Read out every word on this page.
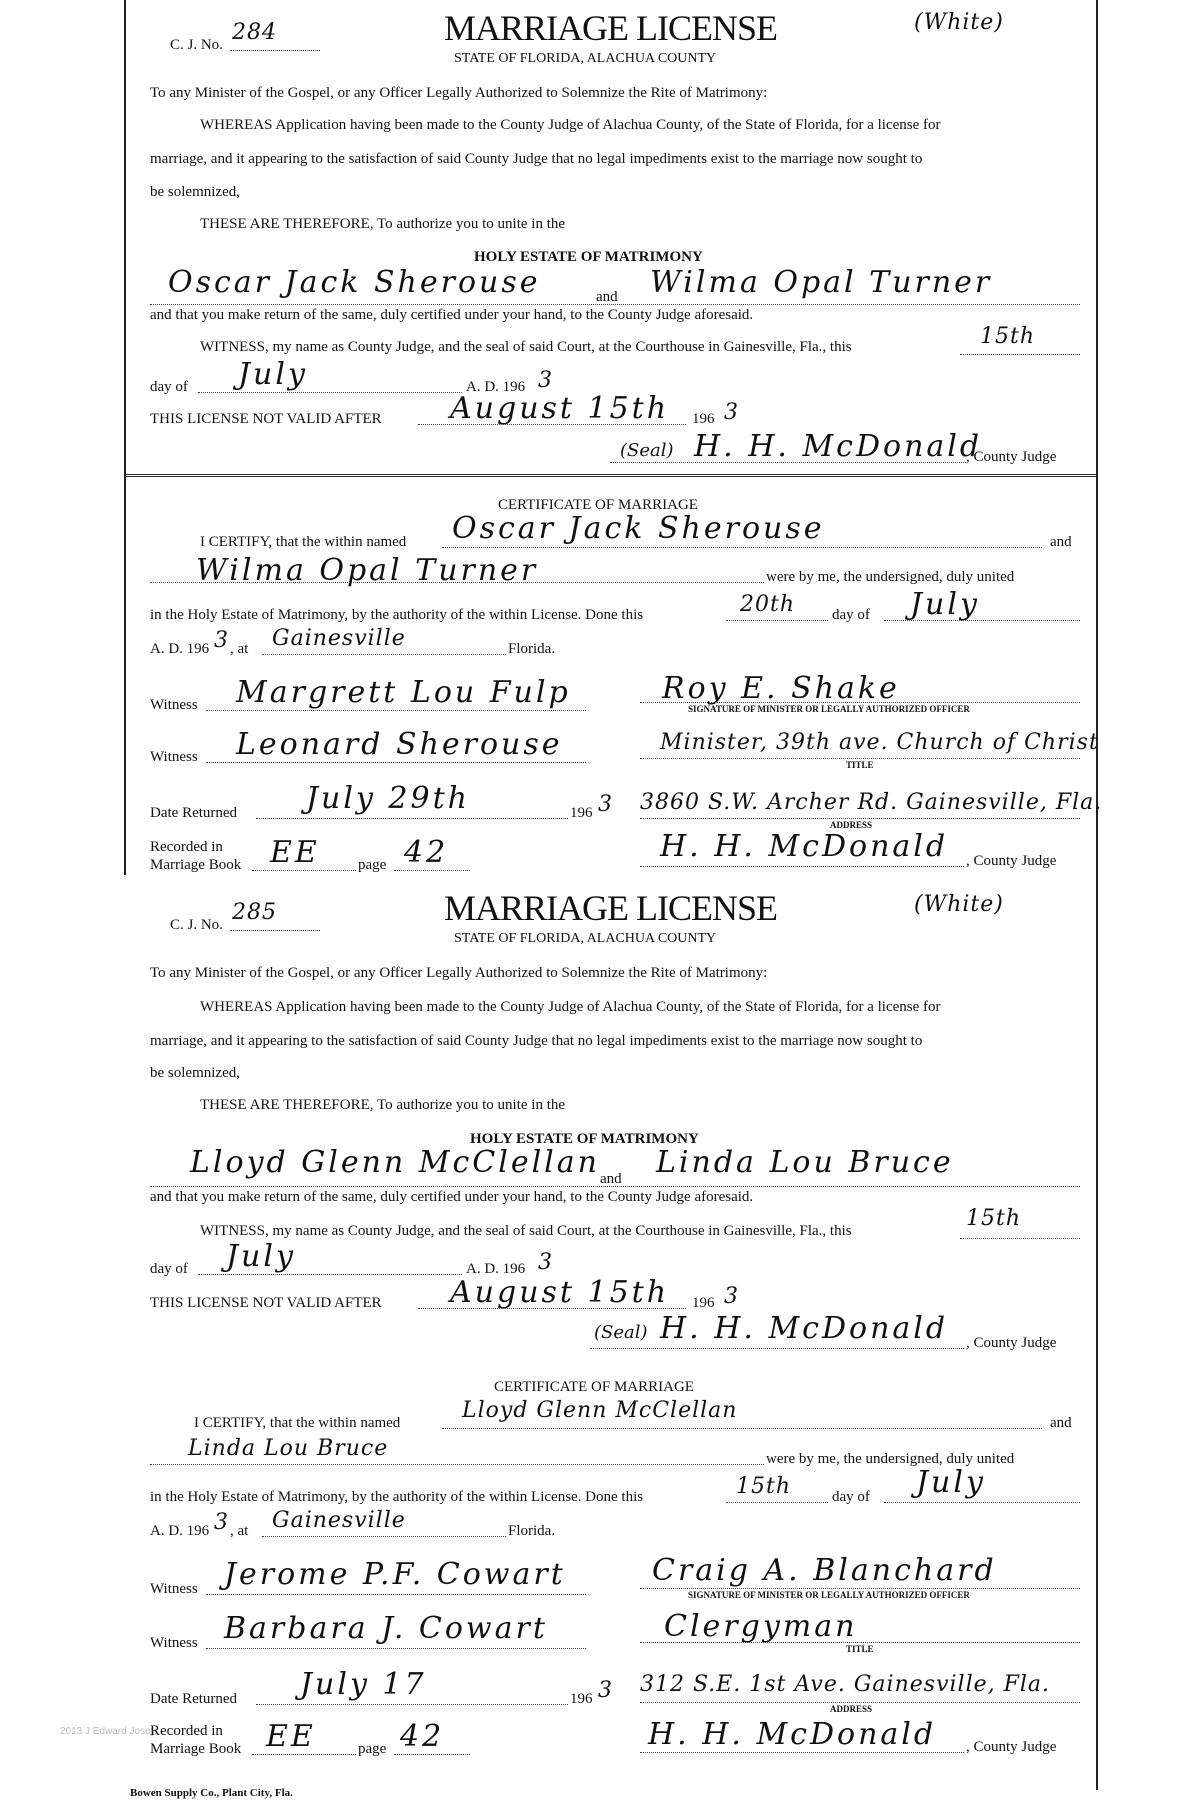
C. J. No. 284	MARRIAGE LICENSE
STATE OF FLORIDA, ALACHUA COUNTY
(White)
To any Minister of the Gospel, or any Officer Legally Authorized to Solemnize the Rite of Matrimony:
WHEREAS Application having been made to the County Judge of Alachua County, of the State of Florida, for a license for
marriage, and it appearing to the satisfaction of said County Judge that no legal impediments exist to the marriage now sought to
be solemnized,
THESE ARE THEREFORE, To authorize you to unite in the
HOLY ESTATE OF MATRIMONY
Oscar Jack Sherouse	and Wilma Opal Turner
and that you make return of the same, duly certified under your hand, to the County Judge aforesaid.
WITNESS, my name as County Judge, and the seal of said Court, at the Courthouse in Gainesville, Fla., this	15th
day of July	A. D. 196 3
THIS LICENSE NOT VALID AFTER August 15th 196 3
(Seal) H. H. McDonald
, County Judge
CERTIFICATE OF MARRIAGE
I CERTIFY, that the within named Oscar Jack Sherouse	and
Wilma Opal Turner	were by me, the undersigned, duly united
in the Holy Estate of Matrimony, by the authority of the within License. Done this	20th day of July
A. D. 196 3 , at Gainesville	Florida.
Witness Margrett Lou Fulp	Roy E. Shake
SIGNATURE OF MINISTER OR LEGALLY AUTHORIZED OFFICER
Witness Leonard Sherouse	Minister, 39th ave. Church of Christ
TITLE
Date Returned July 29th	196 3 3860 S.W. Archer Rd. Gainesville, Fla.
ADDRESS
Recorded in
Marriage Book EE	page 42	H. H. McDonald , County Judge
C. J. No. 285	MARRIAGE LICENSE
STATE OF FLORIDA, ALACHUA COUNTY
(White)
To any Minister of the Gospel, or any Officer Legally Authorized to Solemnize the Rite of Matrimony:
WHEREAS Application having been made to the County Judge of Alachua County, of the State of Florida, for a license for
marriage, and it appearing to the satisfaction of said County Judge that no legal impediments exist to the marriage now sought to
be solemnized,
THESE ARE THEREFORE, To authorize you to unite in the
HOLY ESTATE OF MATRIMONY
Lloyd Glenn McClellan and Linda Lou Bruce
and that you make return of the same, duly certified under your hand, to the County Judge aforesaid.
WITNESS, my name as County Judge, and the seal of said Court, at the Courthouse in Gainesville, Fla., this	15th
day of July	A. D. 196 3
THIS LICENSE NOT VALID AFTER August 15th 196 3
(Seal) H. H. McDonald , County Judge
CERTIFICATE OF MARRIAGE
I CERTIFY, that the within named	Lloyd Glenn McClellan	and
Linda Lou Bruce	were by me, the undersigned, duly united
in the Holy Estate of Matrimony, by the authority of the within License. Done this	15th	day of July
A. D. 196 3 , at Gainesville	Florida.
Witness Jerome P.F. Cowart	Craig A. Blanchard
SIGNATURE OF MINISTER OR LEGALLY AUTHORIZED OFFICER
Witness Barbara J. Cowart	Clergyman
TITLE
Date Returned July 17	196 3 312 S.E. 1st Ave. Gainesville, Fla.
ADDRESS
2013 J Edward Josey
Recorded in
Marriage Book EE	page 42	H. H. McDonald , County Judge
Bowen Supply Co., Plant City, Fla.
